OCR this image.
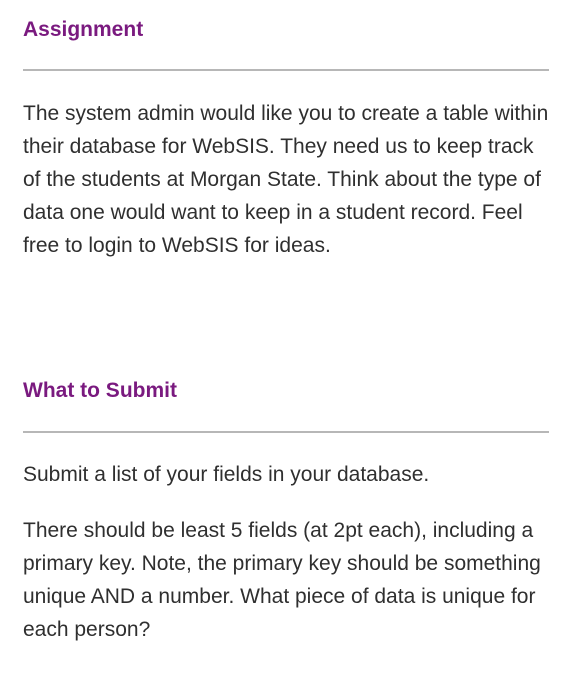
Assignment

The system admin would like you to create a table within their database for WebSIS. They need us to keep track of the students at Morgan State. Think about the type of data one would want to keep in a student record. Feel free to login to WebSIS for ideas.

What to Submit

Submit a list of your fields in your database.

There should be least 5 fields (at 2pt each), including a primary key. Note, the primary key should be something unique AND a number. What piece of data is unique for each person?
